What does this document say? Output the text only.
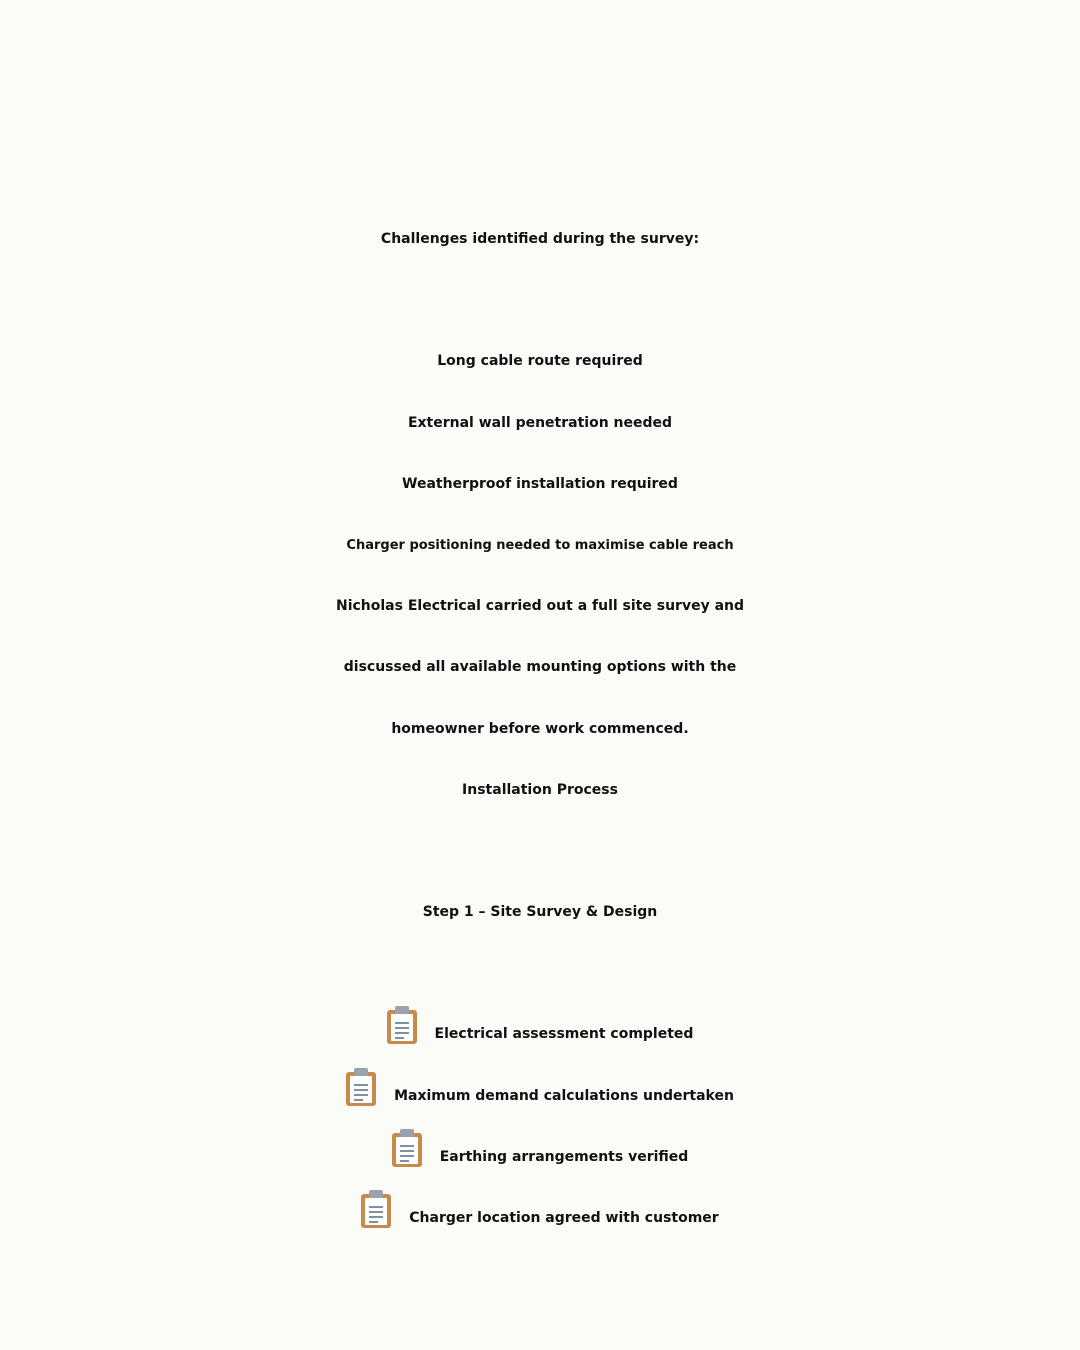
Challenges identified during the survey:
Long cable route required
External wall penetration needed
Weatherproof installation required
Charger positioning needed to maximise cable reach
Nicholas Electrical carried out a full site survey and
discussed all available mounting options with the
homeowner before work commenced.
Installation Process
Step 1 – Site Survey & Design
Electrical assessment completed
Maximum demand calculations undertaken
Earthing arrangements verified
Charger location agreed with customer
